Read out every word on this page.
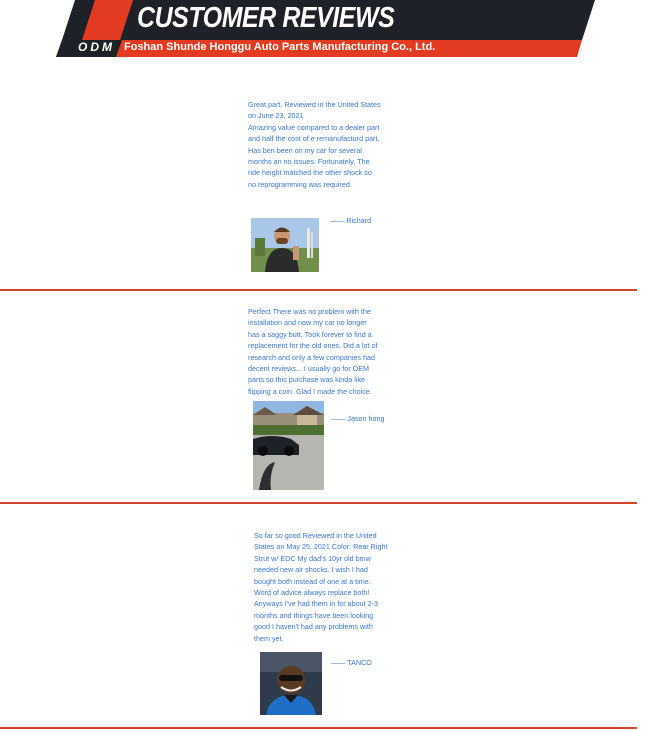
CUSTOMER REVIEWS
ODM Foshan Shunde Honggu Auto Parts Manufacturing Co., Ltd.
Great part. Reviewed in the United States
on June 23, 2021
Amazing value compared to a dealer part
and half the cost of e remanufacturd part.
Has ben been on my car for several
months an no issues. Fortunately, The
ride height matched the other shock so
no reprogramming was required.
—— Richard
Perfect There was no problem with the
installation and now my car no longer
has a saggy butt. Took forever to find a
replacement for the old ones. Did a lot of
research and only a few companies had
decent reviews... I usually go for OEM
parts so this purchase was kinda like
flipping a coin. Glad I made the choice.
—— Jason hong
So far so good Reviewed in the United
States on May 25, 2021 Color: Rear Right
Strut w/ EDC My dad's 10yr old bmw
needed new air shocks. I wish I had
bought both instead of one at a time.
Word of advice always replace both!
Anyways I've had them in for about 2-3
months and things have been looking
good I haven't had any problems with
them yet.
—— TANCO
